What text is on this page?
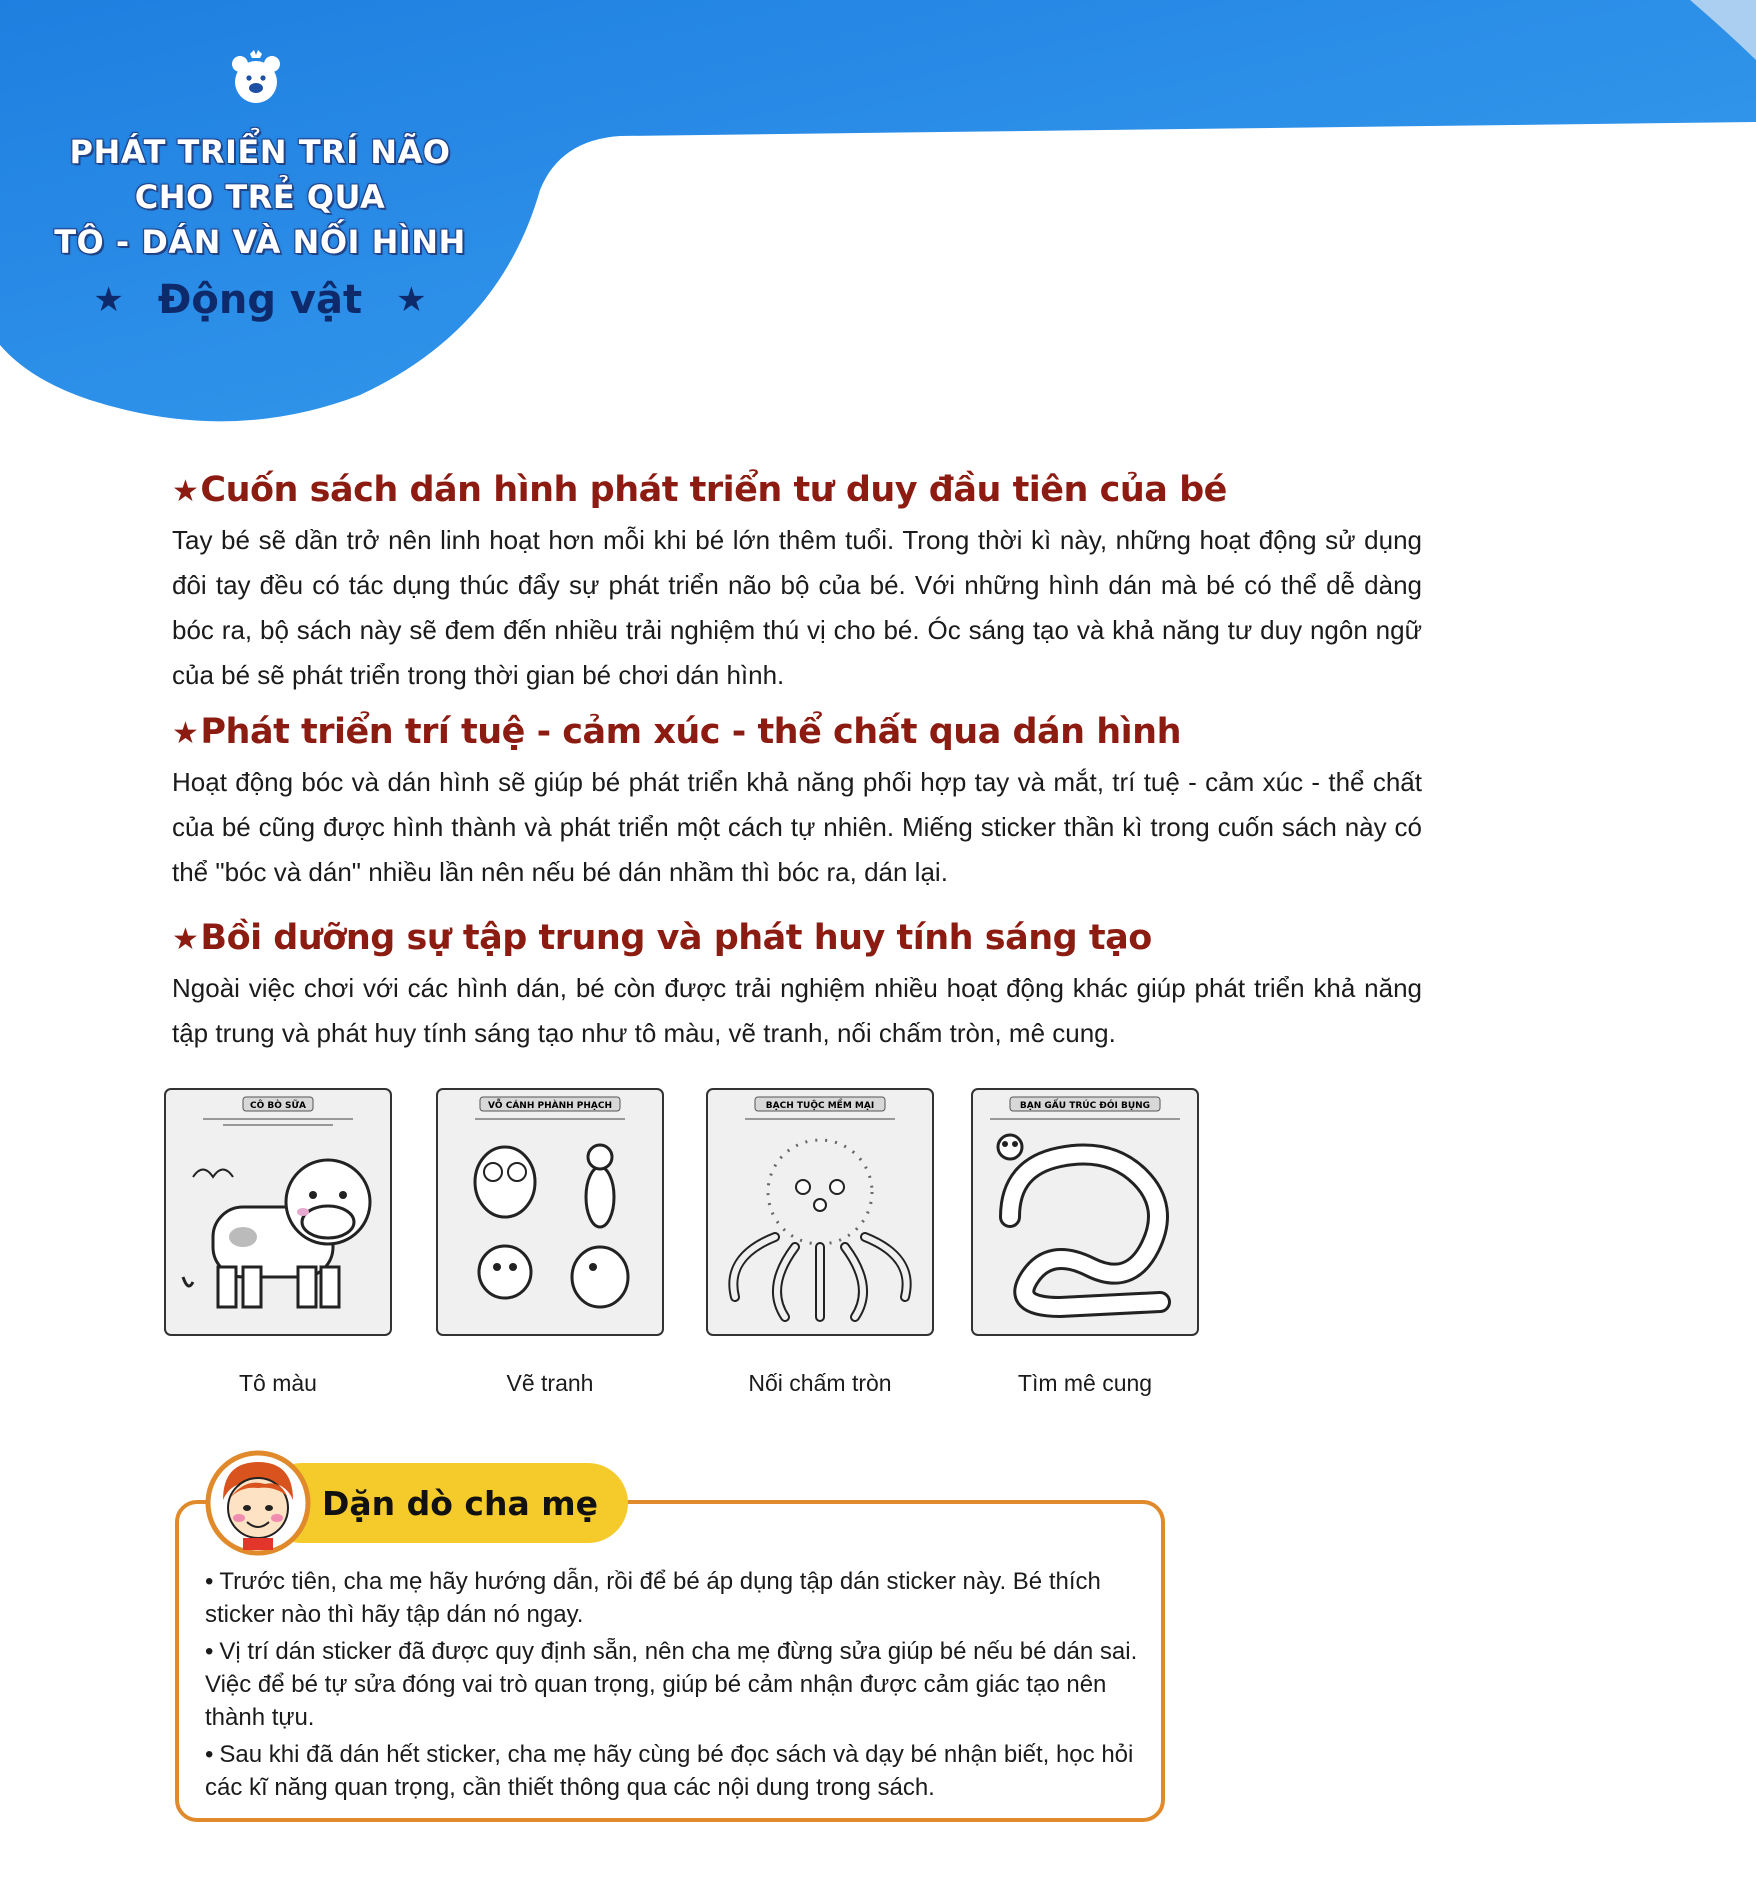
PHÁT TRIỂN TRÍ NÃO
CHO TRẺ QUA
TÔ - DÁN VÀ NỐI HÌNH
★ Động vật ★
★Cuốn sách dán hình phát triển tư duy đầu tiên của bé

Tay bé sẽ dần trở nên linh hoạt hơn mỗi khi bé lớn thêm tuổi. Trong thời kì này, những hoạt động sử dụng đôi tay đều có tác dụng thúc đẩy sự phát triển não bộ của bé. Với những hình dán mà bé có thể dễ dàng bóc ra, bộ sách này sẽ đem đến nhiều trải nghiệm thú vị cho bé. Óc sáng tạo và khả năng tư duy ngôn ngữ của bé sẽ phát triển trong thời gian bé chơi dán hình.

★Phát triển trí tuệ - cảm xúc - thể chất qua dán hình

Hoạt động bóc và dán hình sẽ giúp bé phát triển khả năng phối hợp tay và mắt, trí tuệ - cảm xúc - thể chất của bé cũng được hình thành và phát triển một cách tự nhiên. Miếng sticker thần kì trong cuốn sách này có thể "bóc và dán" nhiều lần nên nếu bé dán nhầm thì bóc ra, dán lại.

★Bồi dưỡng sự tập trung và phát huy tính sáng tạo

Ngoài việc chơi với các hình dán, bé còn được trải nghiệm nhiều hoạt động khác giúp phát triển khả năng tập trung và phát huy tính sáng tạo như tô màu, vẽ tranh, nối chấm tròn, mê cung.

CÔ BÒ SỮA	VỖ CÁNH PHÀNH PHẠCH	BẠCH TUỘC MỀM MẠI	BẠN GẤU TRÚC ĐÓI BỤNG
Tô màu	Vẽ tranh	Nối chấm tròn	Tìm mê cung
Dặn dò cha mẹ
• Trước tiên, cha mẹ hãy hướng dẫn, rồi để bé áp dụng tập dán sticker này. Bé thích sticker nào thì hãy tập dán nó ngay.
• Vị trí dán sticker đã được quy định sẵn, nên cha mẹ đừng sửa giúp bé nếu bé dán sai. Việc để bé tự sửa đóng vai trò quan trọng, giúp bé cảm nhận được cảm giác tạo nên thành tựu.
• Sau khi đã dán hết sticker, cha mẹ hãy cùng bé đọc sách và dạy bé nhận biết, học hỏi các kĩ năng quan trọng, cần thiết thông qua các nội dung trong sách.
